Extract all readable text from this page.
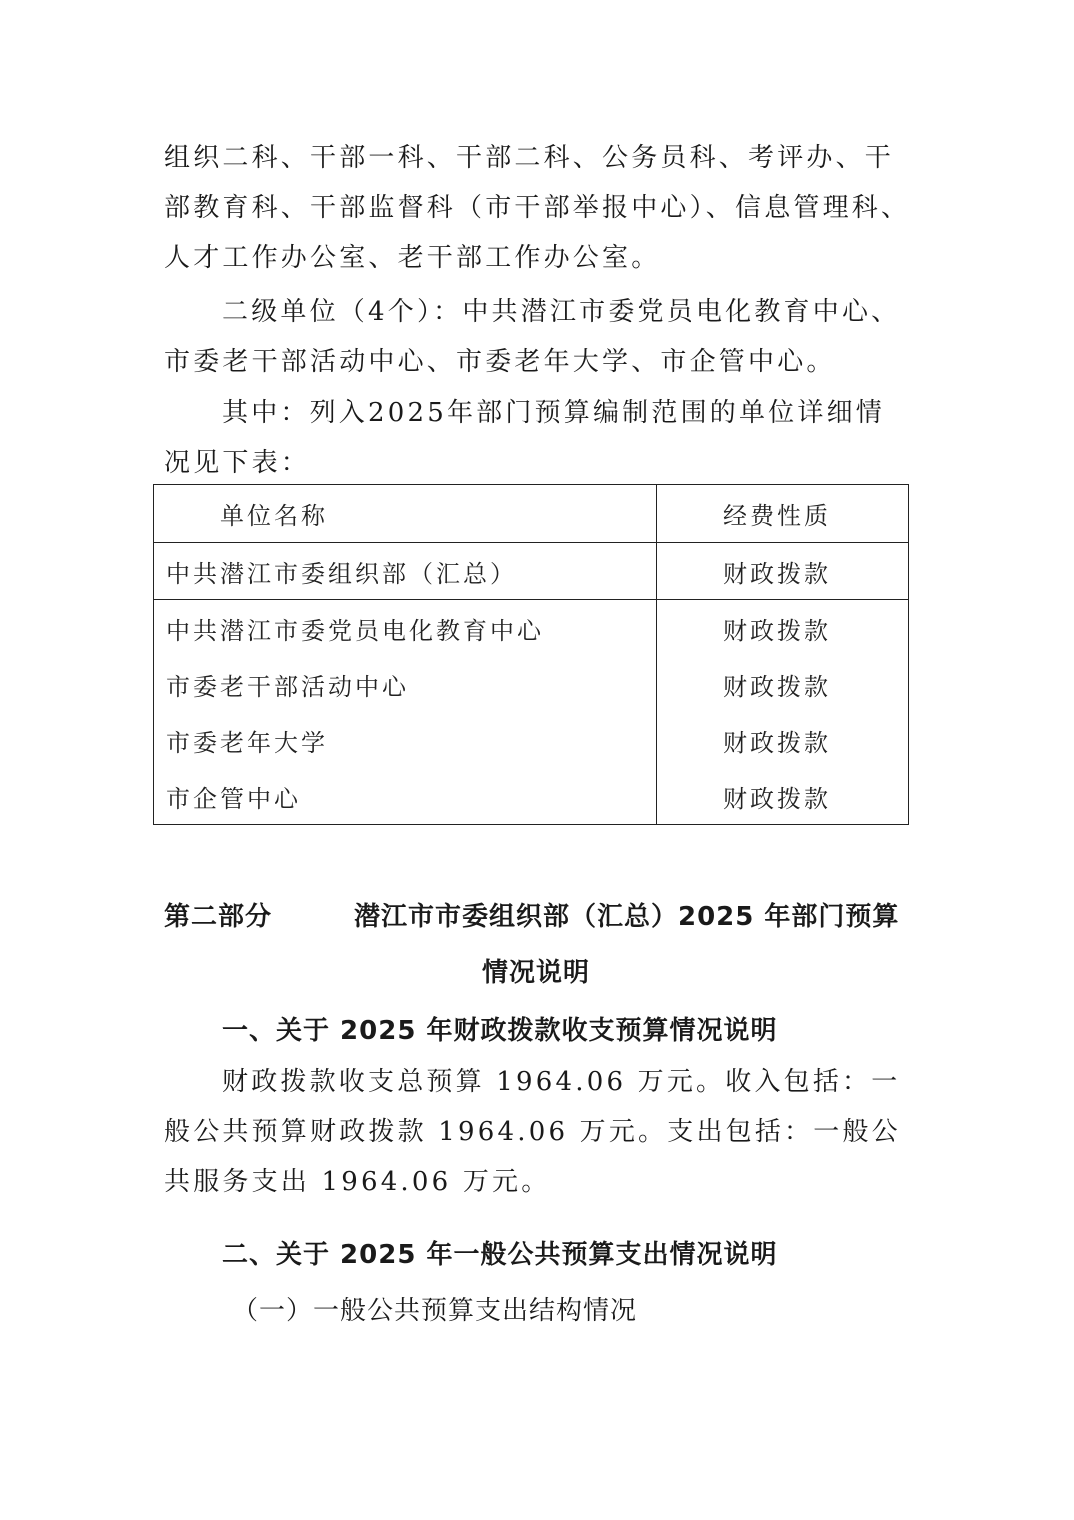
组织二科、干部一科、干部二科、公务员科、考评办、干部教育科、干部监督科（市干部举报中心）、信息管理科、人才工作办公室、老干部工作办公室。

二级单位（4个）：中共潜江市委党员电化教育中心、市委老干部活动中心、市委老年大学、市企管中心。

其中：列入2025年部门预算编制范围的单位详细情况见下表：

单位名称	经费性质
中共潜江市委组织部（汇总）	财政拨款
中共潜江市委党员电化教育中心	财政拨款
市委老干部活动中心	财政拨款
市委老年大学	财政拨款
市企管中心	财政拨款

第二部分	潜江市市委组织部（汇总）2025 年部门预算

情况说明

一、关于 2025 年财政拨款收支预算情况说明

财政拨款收支总预算 1964.06 万元。收入包括：一般公共预算财政拨款 1964.06 万元。支出包括：一般公共服务支出 1964.06 万元。

二、关于 2025 年一般公共预算支出情况说明

（一）一般公共预算支出结构情况
